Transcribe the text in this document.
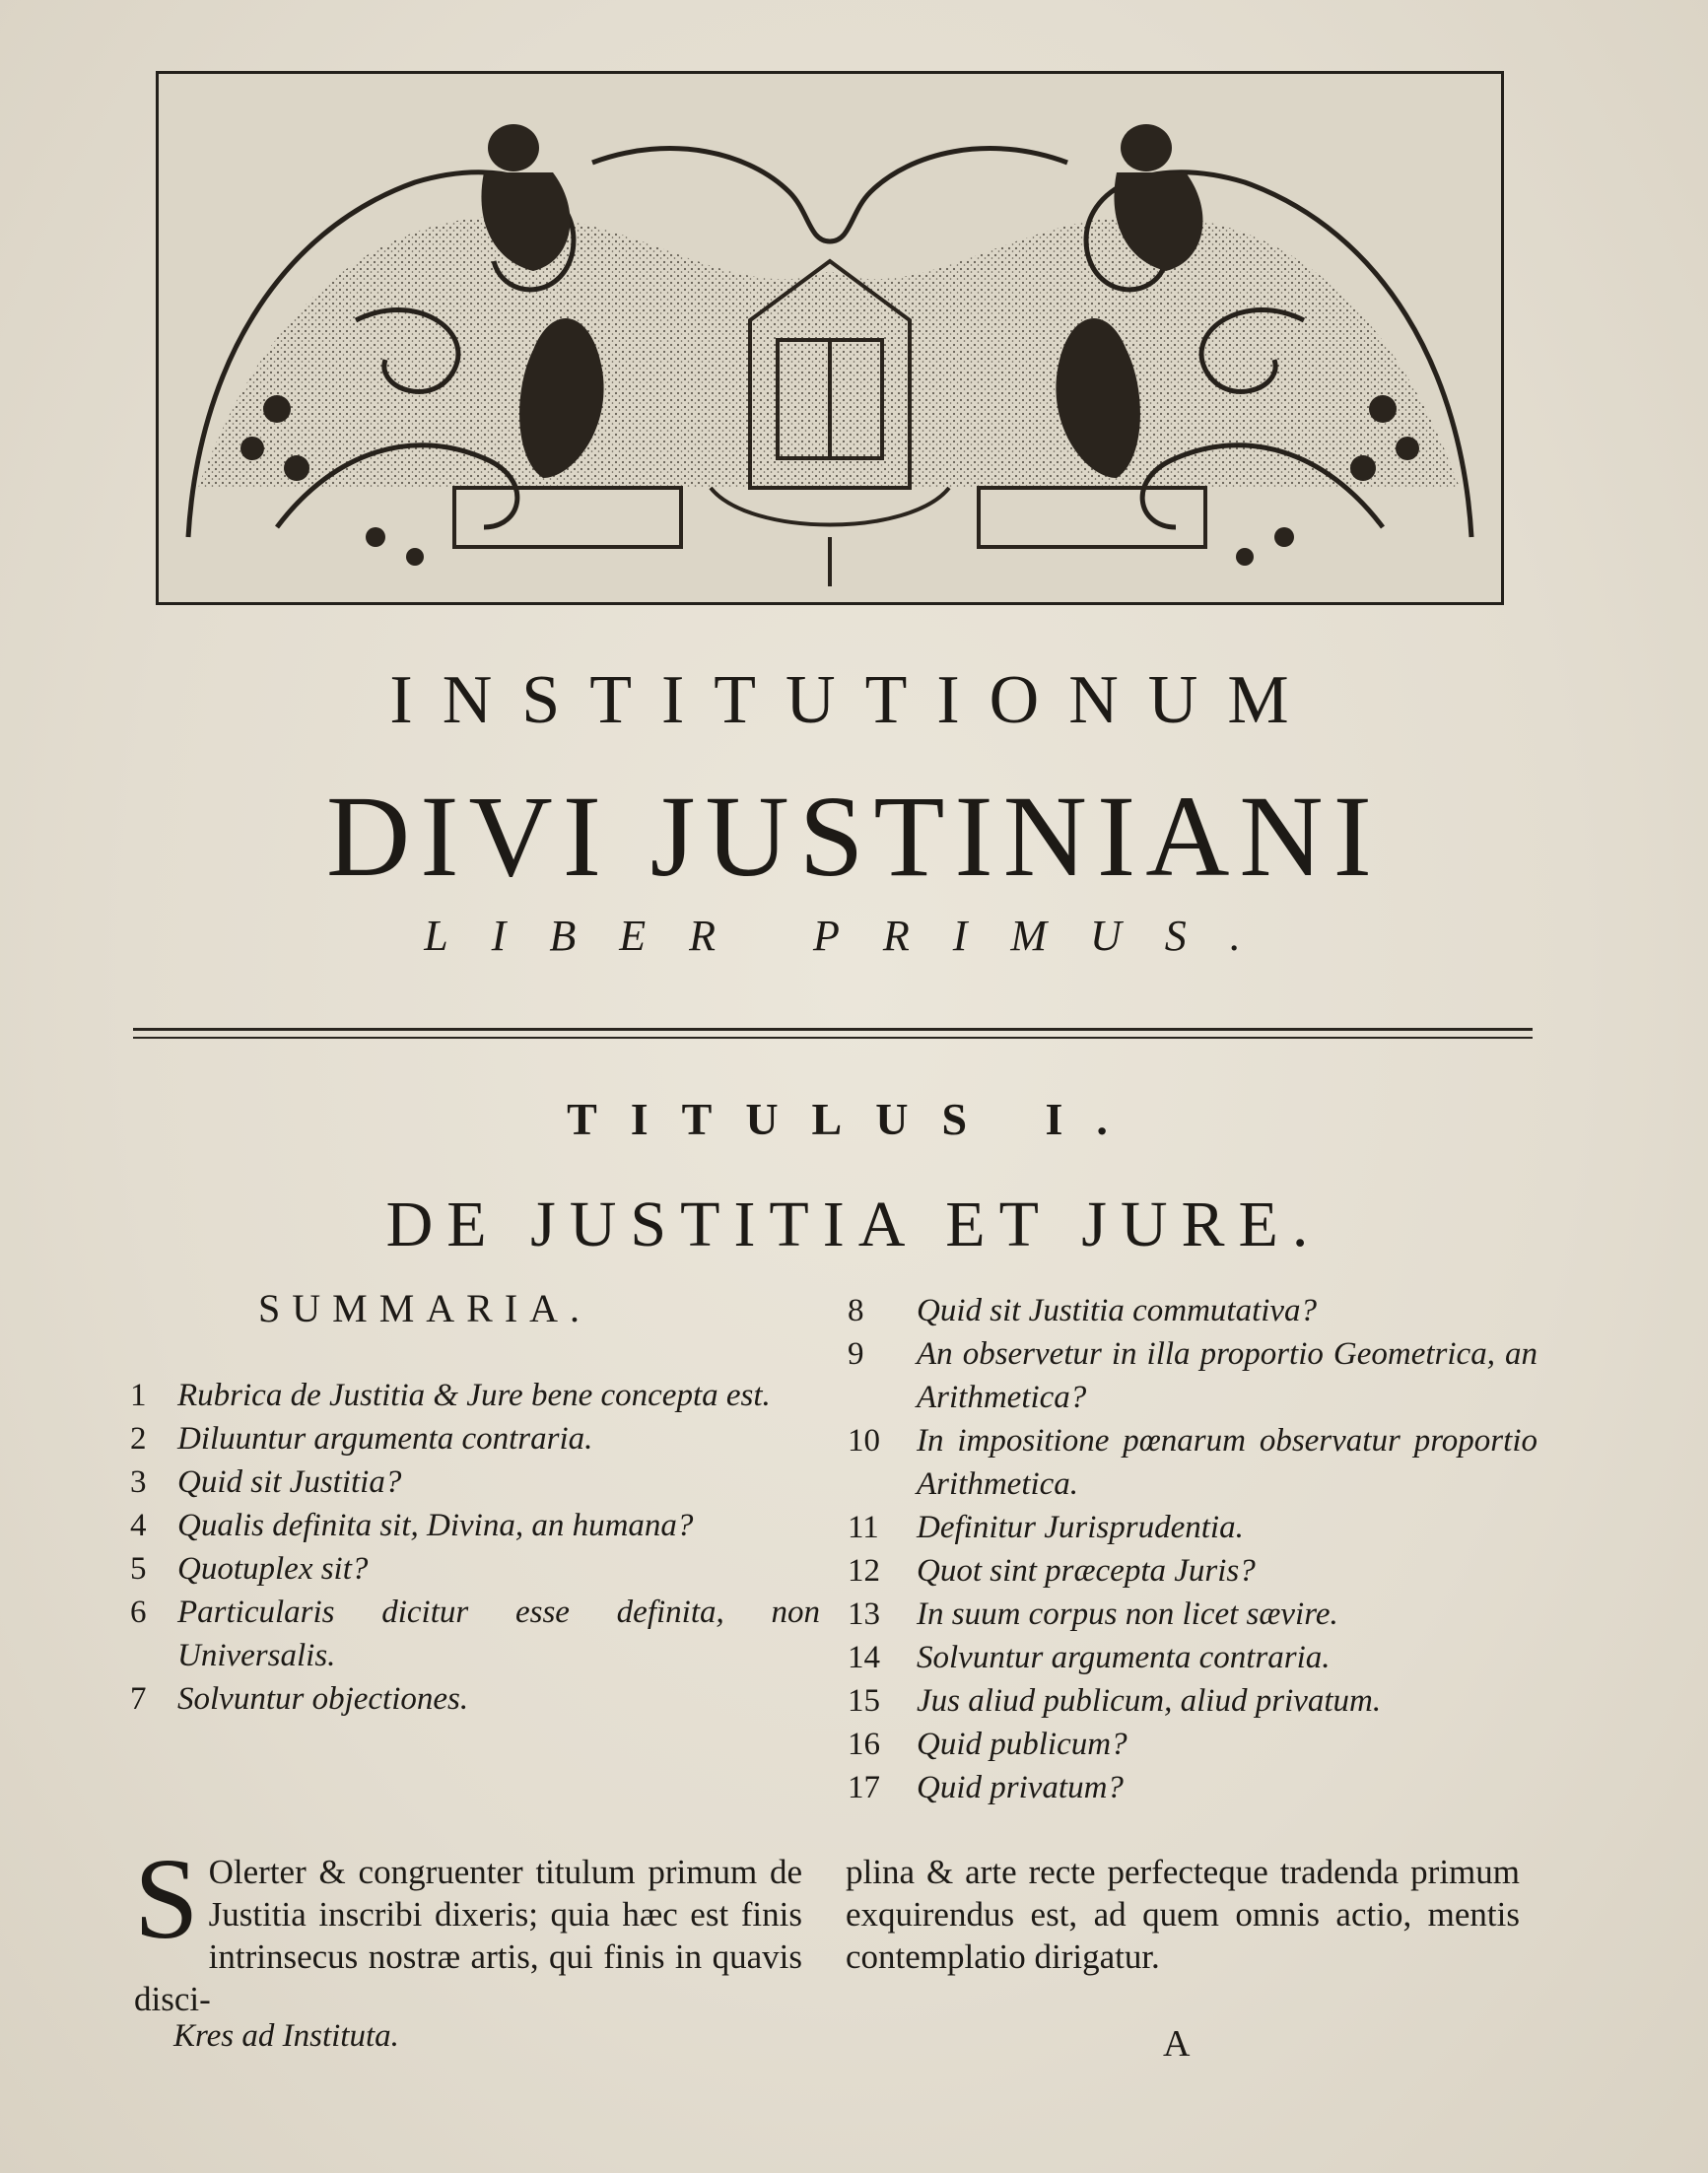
INSTITUTIONUM
DIVI JUSTINIANI
LIBER PRIMUS.
TITULUS I.
DE JUSTITIA ET JURE.
SUMMARIA.
1 Rubrica de Justitia & Jure bene concepta est.
2 Diluuntur argumenta contraria.
3 Quid sit Justitia?
4 Qualis definita sit, Divina, an humana?
5 Quotuplex sit?
6 Particularis dicitur esse definita, non Universalis.
7 Solvuntur objectiones.
8	Quid sit Justitia commutativa?
9	An observetur in illa proportio Geometrica, an Arithmetica?
10	In impositione pœnarum observatur proportio Arithmetica.
11	Definitur Jurisprudentia.
12	Quot sint præcepta Juris?
13	In suum corpus non licet sævire.
14	Solvuntur argumenta contraria.
15	Jus aliud publicum, aliud privatum.
16	Quid publicum?
17	Quid privatum?
S Olerter & congruenter titulum primum de Justitia inscribi dixeris; quia hæc est finis intrinsecus nostræ artis, qui finis in quavis disci-
Kres ad Instituta.
plina & arte recte perfecteque tradenda primum exquirendus est, ad quem omnis actio, mentis contemplatio dirigatur.
A
